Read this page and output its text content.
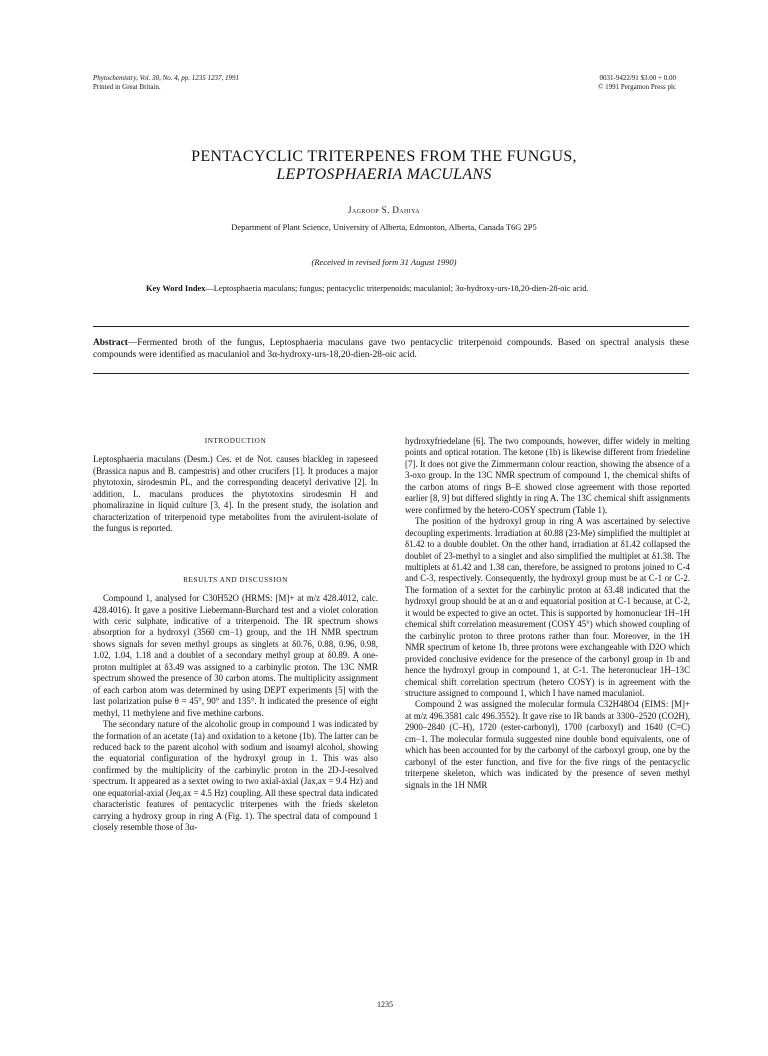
Phytochemistry, Vol. 30, No. 4, pp. 1235 1237, 1991
Printed in Great Britain.
0031-9422/91 $3.00 + 0.00
© 1991 Pergamon Press plc
PENTACYCLIC TRITERPENES FROM THE FUNGUS,
LEPTOSPHAERIA MACULANS
Jagroop S. Dahiya
Department of Plant Science, University of Alberta, Edmonton, Alberta, Canada T6G 2P5
(Received in revised form 31 August 1990)
Key Word Index—Leptosphaeria maculans; fungus; pentacyclic triterpenoids; maculaniol; 3α-hydroxy-urs-18,20-dien-28-oic acid.
Abstract—Fermented broth of the fungus, Leptosphaeria maculans gave two pentacyclic triterpenoid compounds. Based on spectral analysis these compounds were identified as maculaniol and 3α-hydroxy-urs-18,20-dien-28-oic acid.
INTRODUCTION

Leptosphaeria maculans (Desm.) Ces. et de Not. causes blackleg in rapeseed (Brassica napus and B. campestris) and other crucifers [1]. It produces a major phytotoxin, sirodesmin PL, and the corresponding deacetyl derivative [2]. In addition, L. maculans produces the phytotoxins sirodesmin H and phomalirazine in liquid culture [3, 4]. In the present study, the isolation and characterization of triterpenoid type metabolites from the avirulent-isolate of the fungus is reported.

RESULTS AND DISCUSSION

Compound 1, analysed for C30H52O (HRMS: [M]+ at m/z 428.4012, calc. 428.4016). It gave a positive Liebermann-Burchard test and a violet coloration with ceric sulphate, indicative of a triterpenoid. The IR spectrum shows absorption for a hydroxyl (3560 cm−1) group, and the 1H NMR spectrum shows signals for seven methyl groups as singlets at δ0.76, 0.88, 0.96, 0.98, 1.02, 1.04, 1.18 and a doublet of a secondary methyl group at δ0.89. A one-proton multiplet at δ3.49 was assigned to a carbinylic proton. The 13C NMR spectrum showed the presence of 30 carbon atoms. The multiplicity assignment of each carbon atom was determined by using DEPT experiments [5] with the last polarization pulse θ = 45°, 90° and 135°. It indicated the presence of eight methyl, 11 methylene and five methine carbons.

The secondary nature of the alcoholic group in compound 1 was indicated by the formation of an acetate (1a) and oxidation to a ketone (1b). The latter can be reduced back to the parent alcohol with sodium and isoamyl alcohol, showing the equatorial configuration of the hydroxyl group in 1. This was also confirmed by the multiplicity of the carbinylic proton in the 2D-J-resolved spectrum. It appeared as a sextet owing to two axial-axial (Jax,ax = 9.4 Hz) and one equatorial-axial (Jeq,ax = 4.5 Hz) coupling. All these spectral data indicated characteristic features of pentacyclic triterpenes with the frieds skeleton carrying a hydroxy group in ring A (Fig. 1). The spectral data of compound 1 closely resemble those of 3α-

hydroxyfriedelane [6]. The two compounds, however, differ widely in melting points and optical rotation. The ketone (1b) is likewise different from friedeline [7]. It does not give the Zimmermann colour reaction, showing the absence of a 3-oxo group. In the 13C NMR spectrum of compound 1, the chemical shifts of the carbon atoms of rings B–E showed close agreement with those reported earlier [8, 9] but differed slightly in ring A. The 13C chemical shift assignments were confirmed by the hetero-COSY spectrum (Table 1).

The position of the hydroxyl group in ring A was ascertained by selective decoupling experiments. Irradiation at δ0.88 (23-Me) simplified the multiplet at δ1.42 to a double doublet. On the other hand, irradiation at δ1.42 collapsed the doublet of 23-methyl to a singlet and also simplified the multiplet at δ1.38. The multiplets at δ1.42 and 1.38 can, therefore, be assigned to protons joined to C-4 and C-3, respectively. Consequently, the hydroxyl group must be at C-1 or C-2. The formation of a sextet for the carbinylic proton at δ3.48 indicated that the hydroxyl group should be at an α and equatorial position at C-1 because, at C-2, it would be expected to give an octet. This is supported by homonuclear 1H–1H chemical shift correlation measurement (COSY 45°) which showed coupling of the carbinylic proton to three protons rather than four. Moreover, in the 1H NMR spectrum of ketone 1b, three protons were exchangeable with D2O which provided conclusive evidence for the presence of the carbonyl group in 1b and hence the hydroxyl group in compound 1, at C-1. The heteronuclear 1H–13C chemical shift correlation spectrum (hetero COSY) is in agreement with the structure assigned to compound 1, which I have named maculaniol.

Compound 2 was assigned the molecular formula C32H48O4 (EIMS: [M]+ at m/z 496.3581 calc 496.3552). It gave rise to IR bands at 3300–2520 (CO2H), 2900–2840 (C–H), 1720 (ester-carbonyl), 1700 (carboxyl) and 1640 (C=C) cm−1. The molecular formula suggested nine double bond equivalents, one of which has been accounted for by the carbonyl of the carboxyl group, one by the carbonyl of the ester function, and five for the five rings of the pentacyclic triterpene skeleton, which was indicated by the presence of seven methyl signals in the 1H NMR

1235
